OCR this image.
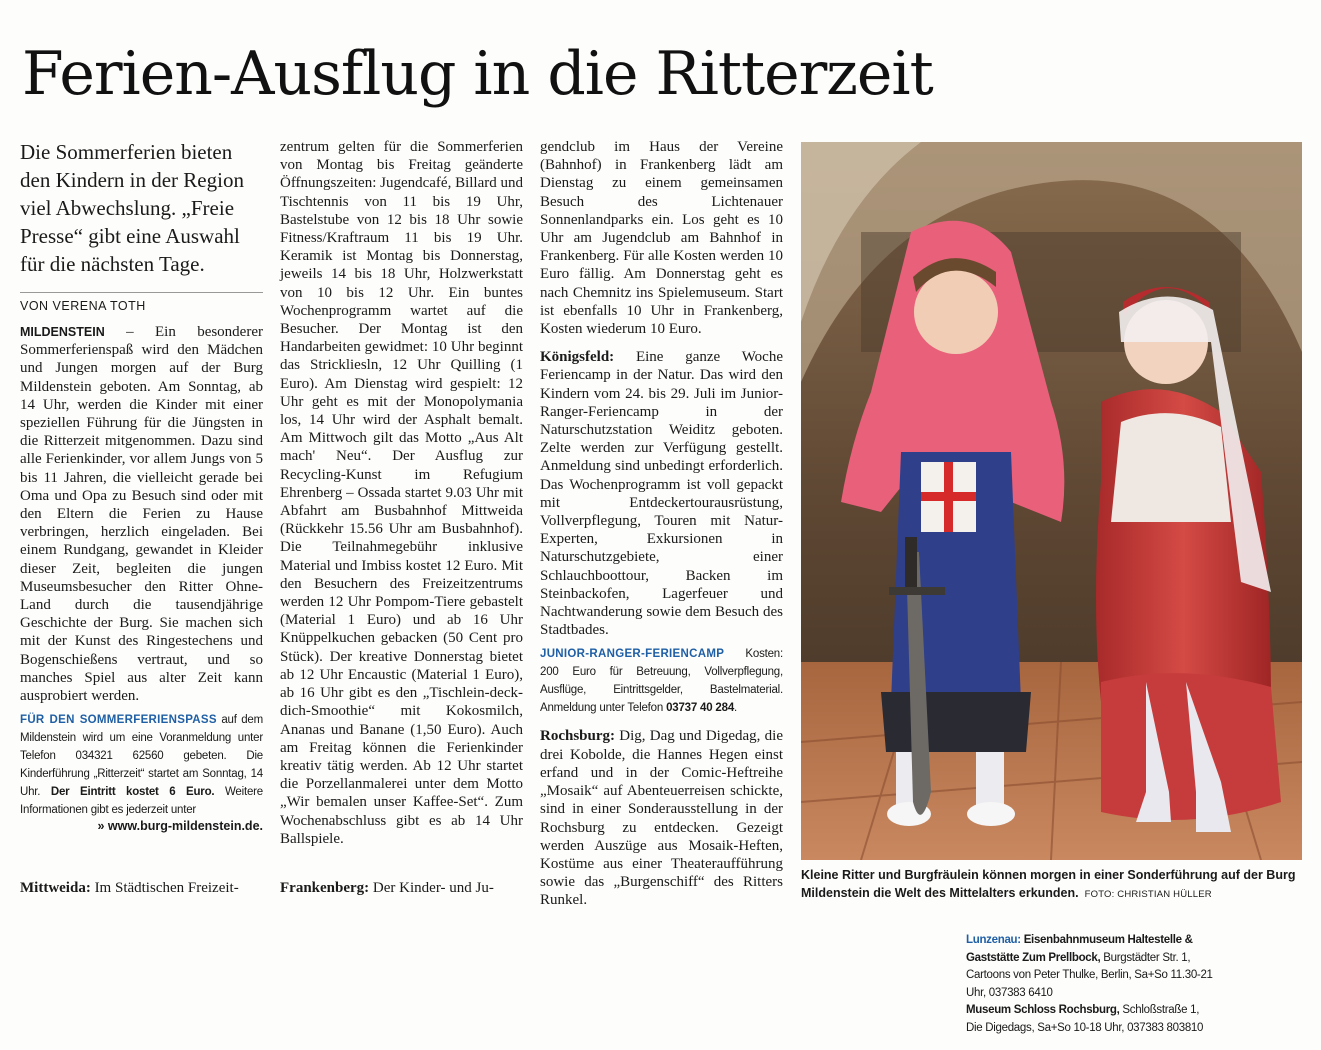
Ferien-Ausflug in die Ritterzeit

Die Sommerferien bieten den Kindern in der Region viel Abwechslung. „Freie Presse“ gibt eine Auswahl für die nächsten Tage.

VON VERENA TOTH

MILDENSTEIN – Ein besonderer Sommerferienspaß wird den Mädchen und Jungen morgen auf der Burg Mildenstein geboten. Am Sonntag, ab 14 Uhr, werden die Kinder mit einer speziellen Führung für die Jüngsten in die Ritterzeit mitgenommen. Dazu sind alle Ferienkinder, vor allem Jungs von 5 bis 11 Jahren, die vielleicht gerade bei Oma und Opa zu Besuch sind oder mit den Eltern die Ferien zu Hause verbringen, herzlich eingeladen. Bei einem Rundgang, gewandet in Kleider dieser Zeit, begleiten die jungen Museumsbesucher den Ritter Ohne-Land durch die tausendjährige Geschichte der Burg. Sie machen sich mit der Kunst des Ringestechens und Bogenschießens vertraut, und so manches Spiel aus alter Zeit kann ausprobiert werden.

FÜR DEN SOMMERFERIENSPASS auf dem Mildenstein wird um eine Voranmeldung unter Telefon 034321 62560 gebeten. Die Kinderführung „Ritterzeit“ startet am Sonntag, 14 Uhr. Der Eintritt kostet 6 Euro. Weitere Informationen gibt es jederzeit unter

» www.burg-mildenstein.de.

Mittweida: Im Städtischen Freizeit-

zentrum gelten für die Sommerferien von Montag bis Freitag geänderte Öffnungszeiten: Jugendcafé, Billard und Tischtennis von 11 bis 19 Uhr, Bastelstube von 12 bis 18 Uhr sowie Fitness/Kraftraum 11 bis 19 Uhr. Keramik ist Montag bis Donnerstag, jeweils 14 bis 18 Uhr, Holzwerkstatt von 10 bis 12 Uhr. Ein buntes Wochenprogramm wartet auf die Besucher. Der Montag ist den Handarbeiten gewidmet: 10 Uhr beginnt das Strickliesln, 12 Uhr Quilling (1 Euro). Am Dienstag wird gespielt: 12 Uhr geht es mit der Monopolymania los, 14 Uhr wird der Asphalt bemalt. Am Mittwoch gilt das Motto „Aus Alt mach' Neu“. Der Ausflug zur Recycling-Kunst im Refugium Ehrenberg – Ossada startet 9.03 Uhr mit Abfahrt am Busbahnhof Mittweida (Rückkehr 15.56 Uhr am Busbahnhof). Die Teilnahmegebühr inklusive Material und Imbiss kostet 12 Euro. Mit den Besuchern des Freizeitzentrums werden 12 Uhr Pompom-Tiere gebastelt (Material 1 Euro) und ab 16 Uhr Knüppelkuchen gebacken (50 Cent pro Stück). Der kreative Donnerstag bietet ab 12 Uhr Encaustic (Material 1 Euro), ab 16 Uhr gibt es den „Tischlein-deck-dich-Smoothie“ mit Kokosmilch, Ananas und Banane (1,50 Euro). Auch am Freitag können die Ferienkinder kreativ tätig werden. Ab 12 Uhr startet die Porzellanmalerei unter dem Motto „Wir bemalen unser Kaffee-Set“. Zum Wochenabschluss gibt es ab 14 Uhr Ballspiele.

Frankenberg: Der Kinder- und Ju-

gendclub im Haus der Vereine (Bahnhof) in Frankenberg lädt am Dienstag zu einem gemeinsamen Besuch des Lichtenauer Sonnenlandparks ein. Los geht es 10 Uhr am Jugendclub am Bahnhof in Frankenberg. Für alle Kosten werden 10 Euro fällig. Am Donnerstag geht es nach Chemnitz ins Spielemuseum. Start ist ebenfalls 10 Uhr in Frankenberg, Kosten wiederum 10 Euro.

Königsfeld: Eine ganze Woche Feriencamp in der Natur. Das wird den Kindern vom 24. bis 29. Juli im Junior-Ranger-Feriencamp in der Naturschutzstation Weiditz geboten. Zelte werden zur Verfügung gestellt. Anmeldung sind unbedingt erforderlich. Das Wochenprogramm ist voll gepackt mit Entdeckertourausrüstung, Vollverpflegung, Touren mit Natur-Experten, Exkursionen in Naturschutzgebiete, einer Schlauchboottour, Backen im Steinbackofen, Lagerfeuer und Nachtwanderung sowie dem Besuch des Stadtbades.

JUNIOR-RANGER-FERIENCAMP Kosten: 200 Euro für Betreuung, Vollverpflegung, Ausflüge, Eintrittsgelder, Bastelmaterial. Anmeldung unter Telefon 03737 40 284.

Rochsburg: Dig, Dag und Digedag, die drei Kobolde, die Hannes Hegen einst erfand und in der Comic-Heftreihe „Mosaik“ auf Abenteuerreisen schickte, sind in einer Sonderausstellung in der Rochsburg zu entdecken. Gezeigt werden Auszüge aus Mosaik-Heften, Kostüme aus einer Theateraufführung sowie das „Burgenschiff“ des Ritters Runkel.

Kleine Ritter und Burgfräulein können morgen in einer Sonderführung auf der Burg Mildenstein die Welt des Mittelalters erkunden. FOTO: CHRISTIAN HÜLLER

Lunzenau: Eisenbahnmuseum Haltestelle & Gaststätte Zum Prellbock, Burgstädter Str. 1, Cartoons von Peter Thulke, Berlin, Sa+So 11.30-21 Uhr, 037383 6410
Museum Schloss Rochsburg, Schloßstraße 1, Die Digedags, Sa+So 10-18 Uhr, 037383 803810
